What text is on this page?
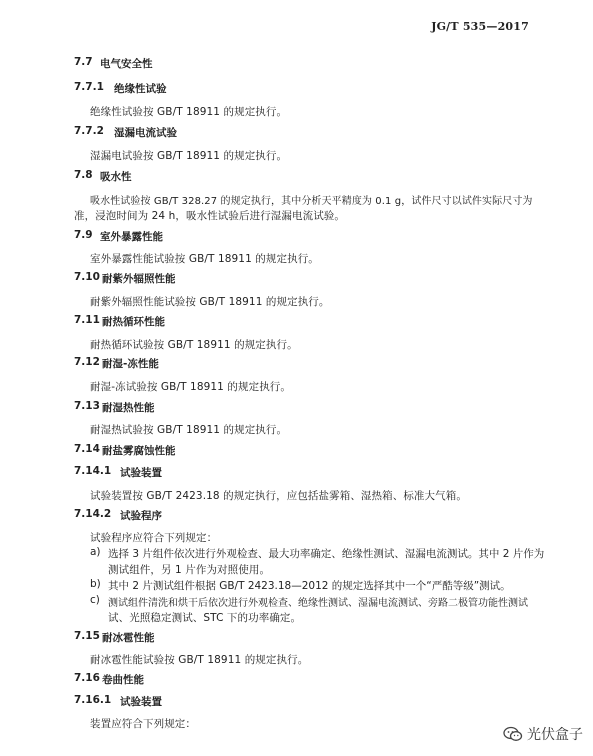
JG/T 535—2017
7.7 电气安全性
7.7.1 绝缘性试验
绝缘性试验按 GB/T 18911 的规定执行。
7.7.2 湿漏电流试验
湿漏电试验按 GB/T 18911 的规定执行。
7.8 吸水性
吸水性试验按 GB/T 328.27 的规定执行，其中分析天平精度为 0.1 g，试件尺寸以试件实际尺寸为
准，浸泡时间为 24 h，吸水性试验后进行湿漏电流试验。
7.9 室外暴露性能
室外暴露性能试验按 GB/T 18911 的规定执行。
7.10 耐紫外辐照性能
耐紫外辐照性能试验按 GB/T 18911 的规定执行。
7.11 耐热循环性能
耐热循环试验按 GB/T 18911 的规定执行。
7.12 耐湿-冻性能
耐湿-冻试验按 GB/T 18911 的规定执行。
7.13 耐湿热性能
耐湿热试验按 GB/T 18911 的规定执行。
7.14 耐盐雾腐蚀性能
7.14.1 试验装置
试验装置按 GB/T 2423.18 的规定执行，应包括盐雾箱、湿热箱、标准大气箱。
7.14.2 试验程序
试验程序应符合下列规定：
a) 选择 3 片组件依次进行外观检查、最大功率确定、绝缘性测试、湿漏电流测试。其中 2 片作为
测试组件，另 1 片作为对照使用。
b) 其中 2 片测试组件根据 GB/T 2423.18—2012 的规定选择其中一个“严酷等级”测试。
c) 测试组件清洗和烘干后依次进行外观检查、绝缘性测试、湿漏电流测试、旁路二极管功能性测试
试、光照稳定测试、STC 下的功率确定。
7.15 耐冰雹性能
耐冰雹性能试验按 GB/T 18911 的规定执行。
7.16 卷曲性能
7.16.1 试验装置
装置应符合下列规定：
光伏盒子
